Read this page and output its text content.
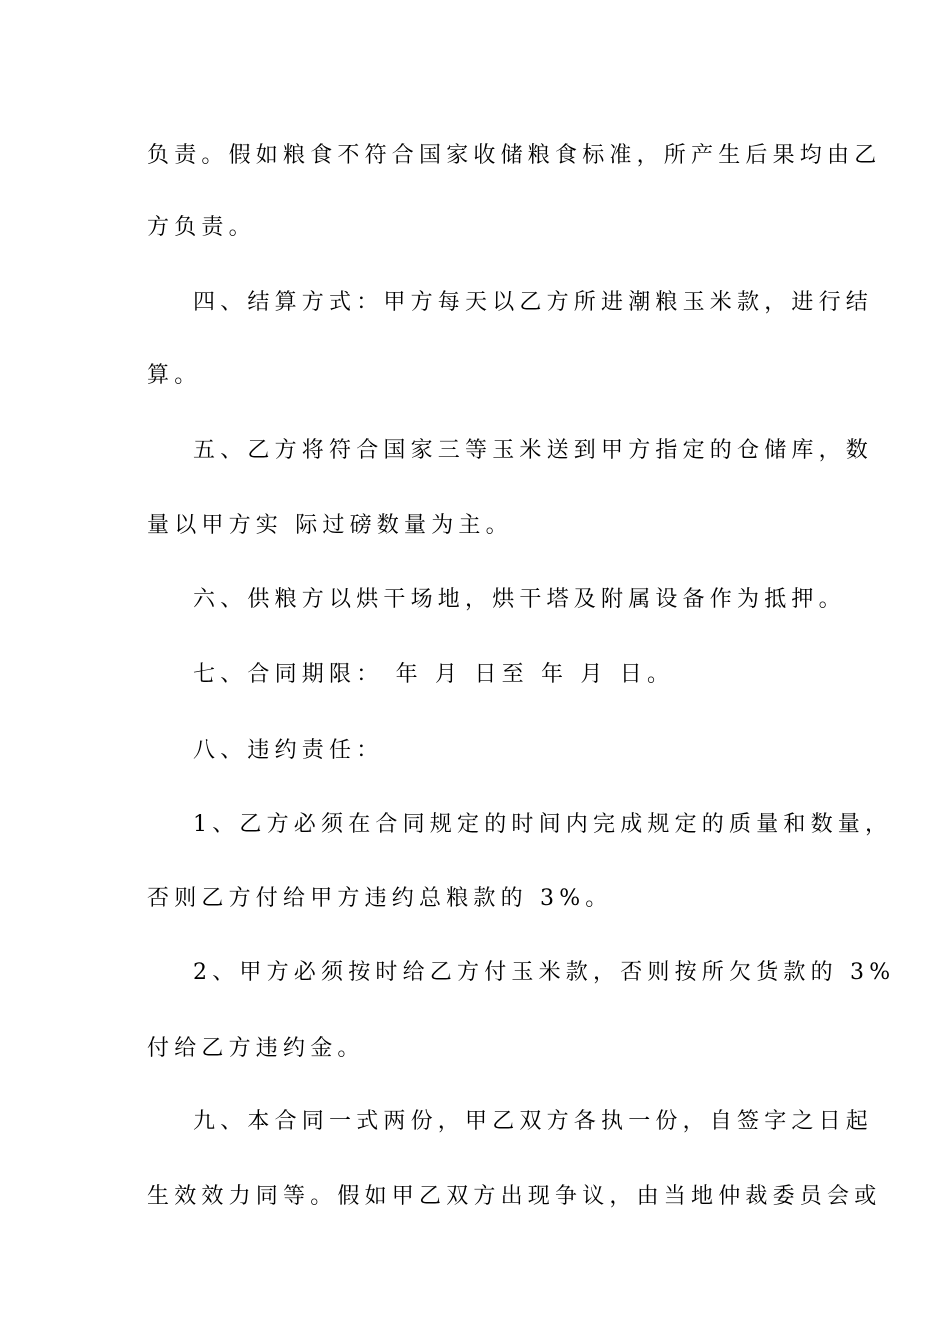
负责。假如粮食不符合国家收储粮食标准，所产生后果均由乙
方负责。
四、结算方式：甲方每天以乙方所进潮粮玉米款，进行结
算。
五、乙方将符合国家三等玉米送到甲方指定的仓储库，数
量以甲方实 际过磅数量为主。
六、供粮方以烘干场地，烘干塔及附属设备作为抵押。
七、合同期限： 年 月 日至 年 月 日。
八、违约责任：
1、乙方必须在合同规定的时间内完成规定的质量和数量，
否则乙方付给甲方违约总粮款的 3%。
2、甲方必须按时给乙方付玉米款，否则按所欠货款的 3%
付给乙方违约金。
九、本合同一式两份，甲乙双方各执一份，自签字之日起
生效效力同等。假如甲乙双方出现争议，由当地仲裁委员会或
